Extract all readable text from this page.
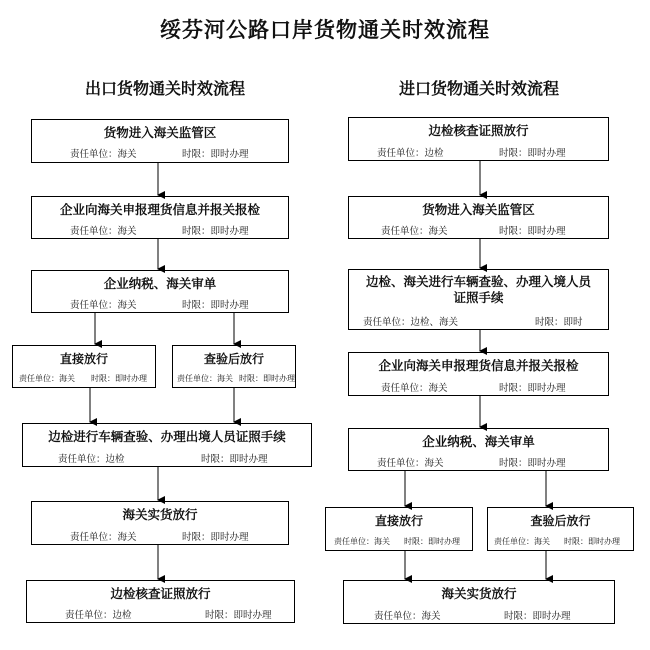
绥芬河公路口岸货物通关时效流程
出口货物通关时效流程
货物进入海关监管区
责任单位：海关	时限：即时办理
企业向海关申报理货信息并报关报检
责任单位：海关	时限：即时办理
企业纳税、海关审单
责任单位：海关	时限：即时办理
直接放行
责任单位：海关 时限：即时办理
查验后放行
责任单位：海关 时限：即时办理
边检进行车辆查验、办理出境人员证照手续
责任单位：边检	时限：即时办理
海关实货放行
责任单位：海关	时限：即时办理
边检核查证照放行
责任单位：边检	时限：即时办理
进口货物通关时效流程
边检核查证照放行
责任单位：边检	时限：即时办理
货物进入海关监管区
责任单位：海关	时限：即时办理
边检、海关进行车辆查验、办理入境人员证照手续
责任单位：边检、海关	时限：即时
企业向海关申报理货信息并报关报检
责任单位：海关	时限：即时办理
企业纳税、海关审单
责任单位：海关	时限：即时办理
直接放行
责任单位：海关 时限：即时办理
查验后放行
责任单位：海关 时限：即时办理
海关实货放行
责任单位：海关	时限：即时办理
